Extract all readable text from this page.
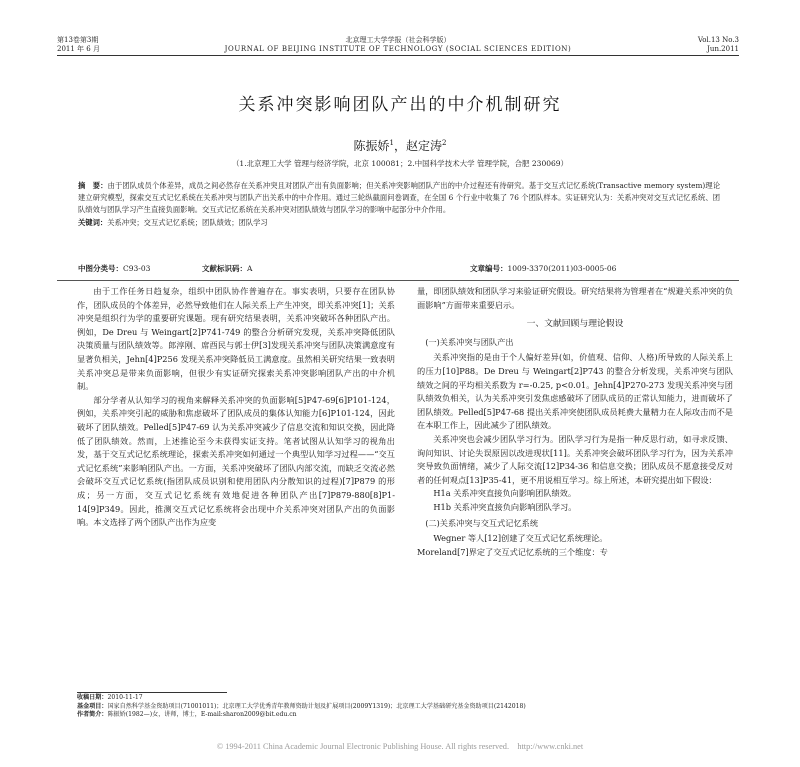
第13卷第3期
2011 年 6 月
北京理工大学学报（社会科学版）
JOURNAL OF BEIJING INSTITUTE OF TECHNOLOGY (SOCIAL SCIENCES EDITION)
Vol.13 No.3
Jun.2011
关系冲突影响团队产出的中介机制研究
陈振娇$^1$，赵定涛$^2$
（1.北京理工大学 管理与经济学院，北京 100081；2.中国科学技术大学 管理学院，合肥 230069）
摘　要：由于团队成员个体差异，成员之间必然存在关系冲突且对团队产出有负面影响；但关系冲突影响团队产出的中介过程还有待研究。基于交互式记忆系统(Transactive memory system)理论建立研究模型，探索交互式记忆系统在关系冲突与团队产出关系中的中介作用。通过三轮纵截面问卷调查，在全国 6 个行业中收集了 76 个团队样本。实证研究认为：关系冲突对交互式记忆系统、团队绩效与团队学习产生直接负面影响。交互式记忆系统在关系冲突对团队绩效与团队学习的影响中起部分中介作用。
关键词：关系冲突；交互式记忆系统；团队绩效；团队学习
中图分类号：C93-03	文献标识码：A	文章编号：1009-3370(2011)03-0005-06

由于工作任务日趋复杂，组织中团队协作普遍存在。事实表明，只要存在团队协作，团队成员的个体差异，必然导致他们在人际关系上产生冲突，即关系冲突[1]；关系冲突是组织行为学的重要研究课题。现有研究结果表明，关系冲突破坏各种团队产出。例如，De Dreu 与 Weingart[2]P741-749 的整合分析研究发现，关系冲突降低团队决策质量与团队绩效等。郎淳刚、席酉民与郭士伊[3]发现关系冲突与团队决策满意度有显著负相关，Jehn[4]P256 发现关系冲突降低员工满意度。虽然相关研究结果一致表明关系冲突总是带来负面影响，但很少有实证研究探索关系冲突影响团队产出的中介机制。

部分学者从认知学习的视角来解释关系冲突的负面影响[5]P47-69[6]P101-124，例如，关系冲突引起的威胁和焦虑破坏了团队成员的集体认知能力[6]P101-124，因此破坏了团队绩效。Pelled[5]P47-69 认为关系冲突减少了信息交流和知识交换，因此降低了团队绩效。然而，上述推论至今未获得实证支持。笔者试图从认知学习的视角出发，基于交互式记忆系统理论，探索关系冲突如何通过一个典型认知学习过程——“交互式记忆系统”来影响团队产出。一方面，关系冲突破坏了团队内部交流，而缺乏交流必然会破坏交互式记忆系统(指团队成员识别和使用团队内分散知识的过程)[7]P879 的形成；另一方面，交互式记忆系统有效地促进各种团队产出[7]P879-880[8]P1-14[9]P349。因此，推测交互式记忆系统将会出现中介关系冲突对团队产出的负面影响。本文选择了两个团队产出作为应变

量，即团队绩效和团队学习来验证研究假设。研究结果将为管理者在“规避关系冲突的负面影响”方面带来重要启示。

一、文献回顾与理论假设
(一)关系冲突与团队产出

关系冲突指的是由于个人偏好差异(如，价值观、信仰、人格)所导致的人际关系上的压力[10]P88。De Dreu 与 Weingart[2]P743 的整合分析发现，关系冲突与团队绩效之间的平均相关系数为 r=-0.25, p<0.01。Jehn[4]P270-273 发现关系冲突与团队绩效负相关，认为关系冲突引发焦虑感破坏了团队成员的正常认知能力，进而破坏了团队绩效。Pelled[5]P47-68 提出关系冲突使团队成员耗费大量精力在人际攻击而不是在本职工作上，因此减少了团队绩效。

关系冲突也会减少团队学习行为。团队学习行为是指一种反思行动，如寻求反馈、询问知识、讨论失误原因以改进现状[11]。关系冲突会破坏团队学习行为，因为关系冲突导致负面情绪，减少了人际交流[12]P34-36 和信息交换；团队成员不愿意接受反对者的任何观点[13]P35-41，更不用说相互学习。综上所述，本研究提出如下假设：

H1a 关系冲突直接负向影响团队绩效。

H1b 关系冲突直接负向影响团队学习。

(二)关系冲突与交互式记忆系统

Wegner 等人[12]创建了交互式记忆系统理论。

Moreland[7]界定了交互式记忆系统的三个维度：专

收稿日期：2010-11-17
基金项目：国家自然科学基金资助项目(71001011)；北京理工大学优秀青年教师资助计划及扩展项目(2009Y1319)；北京理工大学基础研究基金资助项目(2142018)
作者简介：陈振娇(1982—)女，讲师，博士，E-mail:sharon2009@bit.edu.cn
© 1994-2011 China Academic Journal Electronic Publishing House. All rights reserved.　http://www.cnki.net
